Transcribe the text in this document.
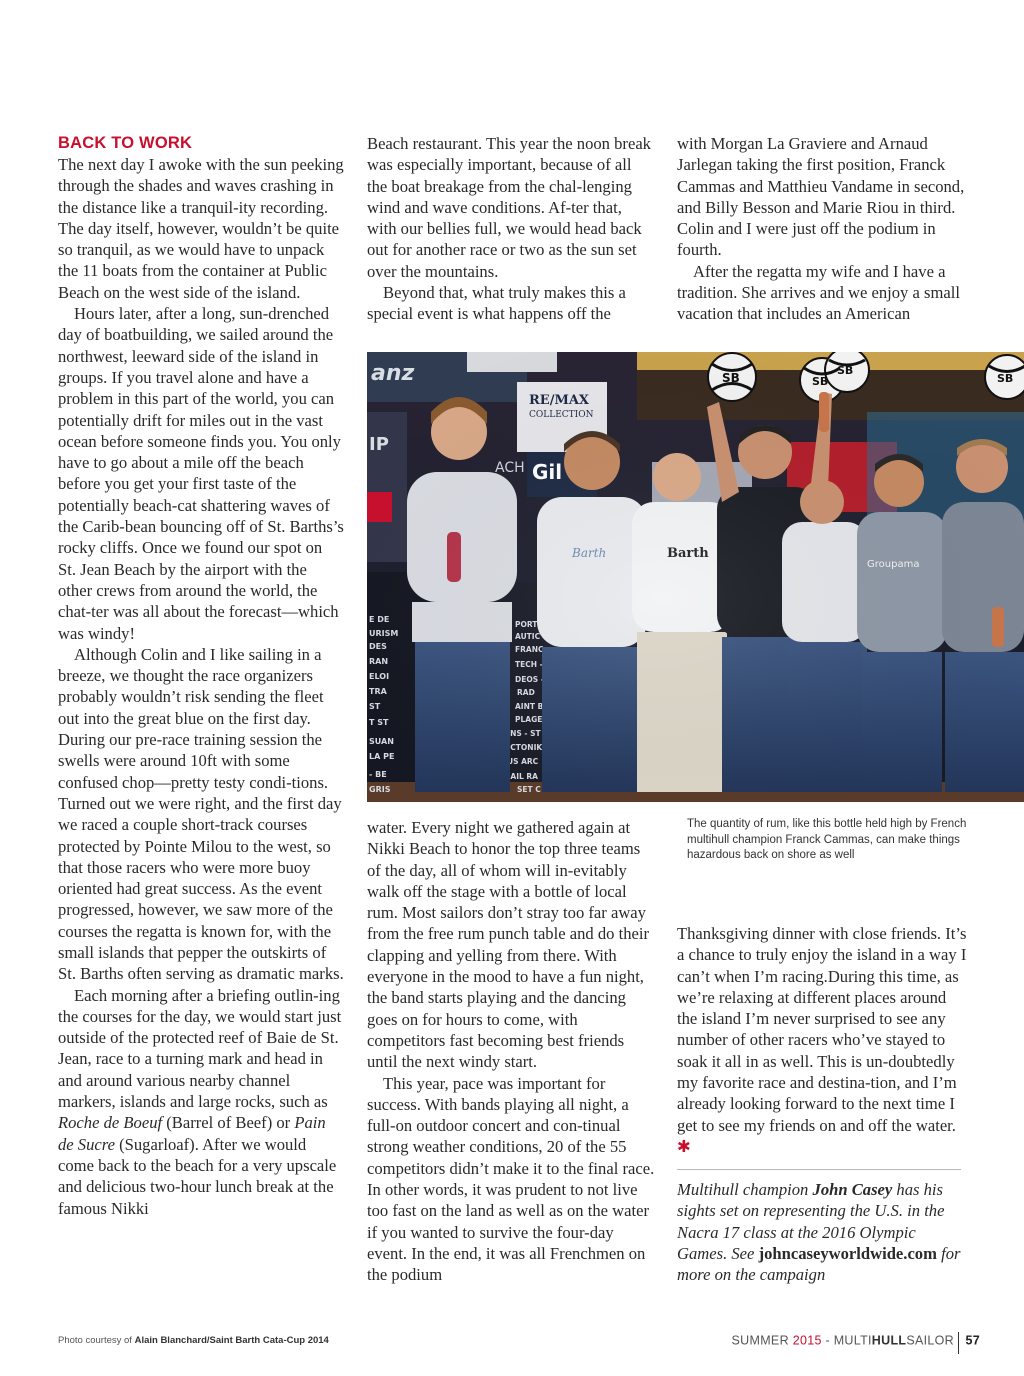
BACK TO WORK

The next day I awoke with the sun peeking through the shades and waves crashing in the distance like a tranquil-ity recording. The day itself, however, wouldn’t be quite so tranquil, as we would have to unpack the 11 boats from the container at Public Beach on the west side of the island.

Hours later, after a long, sun-drenched day of boatbuilding, we sailed around the northwest, leeward side of the island in groups. If you travel alone and have a problem in this part of the world, you can potentially drift for miles out in the vast ocean before someone finds you. You only have to go about a mile off the beach before you get your first taste of the potentially beach-cat shattering waves of the Carib-bean bouncing off of St. Barths’s rocky cliffs. Once we found our spot on St. Jean Beach by the airport with the other crews from around the world, the chat-ter was all about the forecast—which was windy!

Although Colin and I like sailing in a breeze, we thought the race organizers probably wouldn’t risk sending the fleet out into the great blue on the first day. During our pre-race training session the swells were around 10ft with some confused chop—pretty testy condi-tions. Turned out we were right, and the first day we raced a couple short-track courses protected by Pointe Milou to the west, so that those racers who were more buoy oriented had great success. As the event progressed, however, we saw more of the courses the regatta is known for, with the small islands that pepper the outskirts of St. Barths often serving as dramatic marks.

Each morning after a briefing outlin-ing the courses for the day, we would start just outside of the protected reef of Baie de St. Jean, race to a turning mark and head in and around various nearby channel markers, islands and large rocks, such as Roche de Boeuf (Barrel of Beef) or Pain de Sucre (Sugarloaf). After we would come back to the beach for a very upscale and delicious two-hour lunch break at the famous Nikki

Beach restaurant. This year the noon break was especially important, because of all the boat breakage from the chal-lenging wind and wave conditions. Af-ter that, with our bellies full, we would head back out for another race or two as the sun set over the mountains.

Beyond that, what truly makes this a special event is what happens off the

with Morgan La Graviere and Arnaud Jarlegan taking the first position, Franck Cammas and Matthieu Vandame in second, and Billy Besson and Marie Riou in third. Colin and I were just off the podium in fourth.

After the regatta my wife and I have a tradition. She arrives and we enjoy a small vacation that includes an American

water. Every night we gathered again at Nikki Beach to honor the top three teams of the day, all of whom will in-evitably walk off the stage with a bottle of local rum. Most sailors don’t stray too far away from the free rum punch table and do their clapping and yelling from there. With everyone in the mood to have a fun night, the band starts playing and the dancing goes on for hours to come, with competitors fast becoming best friends until the next windy start.

This year, pace was important for success. With bands playing all night, a full-on outdoor concert and con-tinual strong weather conditions, 20 of the 55 competitors didn’t make it to the final race. In other words, it was prudent to not live too fast on the land as well as on the water if you wanted to survive the four-day event. In the end, it was all Frenchmen on the podium

The quantity of rum, like this bottle held high by French multihull champion Franck Cammas, can make things hazardous back on shore as well

Thanksgiving dinner with close friends. It’s a chance to truly enjoy the island in a way I can’t when I’m racing.During this time, as we’re relaxing at different places around the island I’m never surprised to see any number of other racers who’ve stayed to soak it all in as well. This is un-doubtedly my favorite race and destina-tion, and I’m already looking forward to the next time I get to see my friends on and off the water. ✱

Multihull champion John Casey has his sights set on representing the U.S. in the Nacra 17 class at the 2016 Olympic Games. See johncaseyworldwide.com for more on the campaign
Photo courtesy of Alain Blanchard/Saint Barth Cata-Cup 2014	SUMMER 2015 - MULTIHULLSAILOR 57
